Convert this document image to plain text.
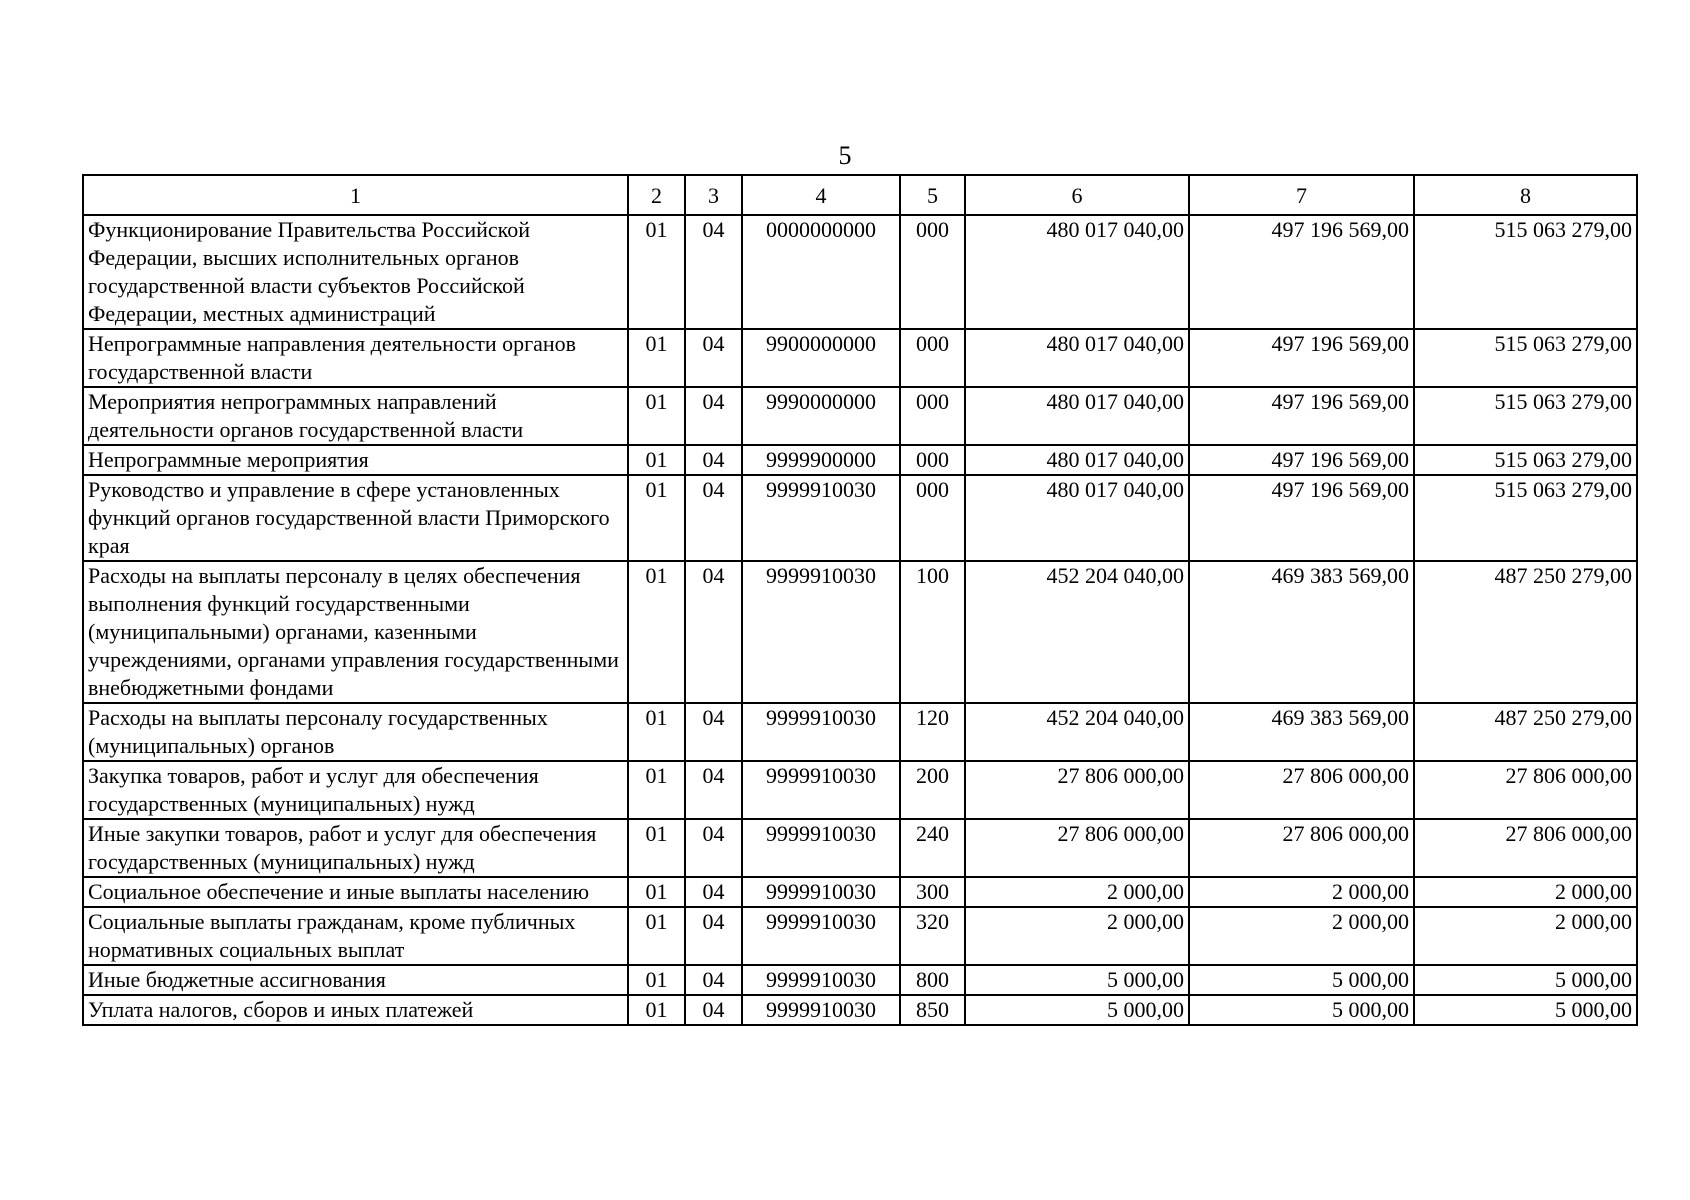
5
1	2	3	4	5	6	7	8
Функционирование Правительства Российской Федерации, высших исполнительных органов государственной власти субъектов Российской Федерации, местных администраций	01	04	0000000000	000	480 017 040,00	497 196 569,00	515 063 279,00
Непрограммные направления деятельности органов государственной власти	01	04	9900000000	000	480 017 040,00	497 196 569,00	515 063 279,00
Мероприятия непрограммных направлений деятельности органов государственной власти	01	04	9990000000	000	480 017 040,00	497 196 569,00	515 063 279,00
Непрограммные мероприятия	01	04	9999900000	000	480 017 040,00	497 196 569,00	515 063 279,00
Руководство и управление в сфере установленных функций органов государственной власти Приморского края	01	04	9999910030	000	480 017 040,00	497 196 569,00	515 063 279,00
Расходы на выплаты персоналу в целях обеспечения выполнения функций государственными (муниципальными) органами, казенными учреждениями, органами управления государственными внебюджетными фондами	01	04	9999910030	100	452 204 040,00	469 383 569,00	487 250 279,00
Расходы на выплаты персоналу государственных (муниципальных) органов	01	04	9999910030	120	452 204 040,00	469 383 569,00	487 250 279,00
Закупка товаров, работ и услуг для обеспечения государственных (муниципальных) нужд	01	04	9999910030	200	27 806 000,00	27 806 000,00	27 806 000,00
Иные закупки товаров, работ и услуг для обеспечения государственных (муниципальных) нужд	01	04	9999910030	240	27 806 000,00	27 806 000,00	27 806 000,00
Социальное обеспечение и иные выплаты населению	01	04	9999910030	300	2 000,00	2 000,00	2 000,00
Социальные выплаты гражданам, кроме публичных нормативных социальных выплат	01	04	9999910030	320	2 000,00	2 000,00	2 000,00
Иные бюджетные ассигнования	01	04	9999910030	800	5 000,00	5 000,00	5 000,00
Уплата налогов, сборов и иных платежей	01	04	9999910030	850	5 000,00	5 000,00	5 000,00
